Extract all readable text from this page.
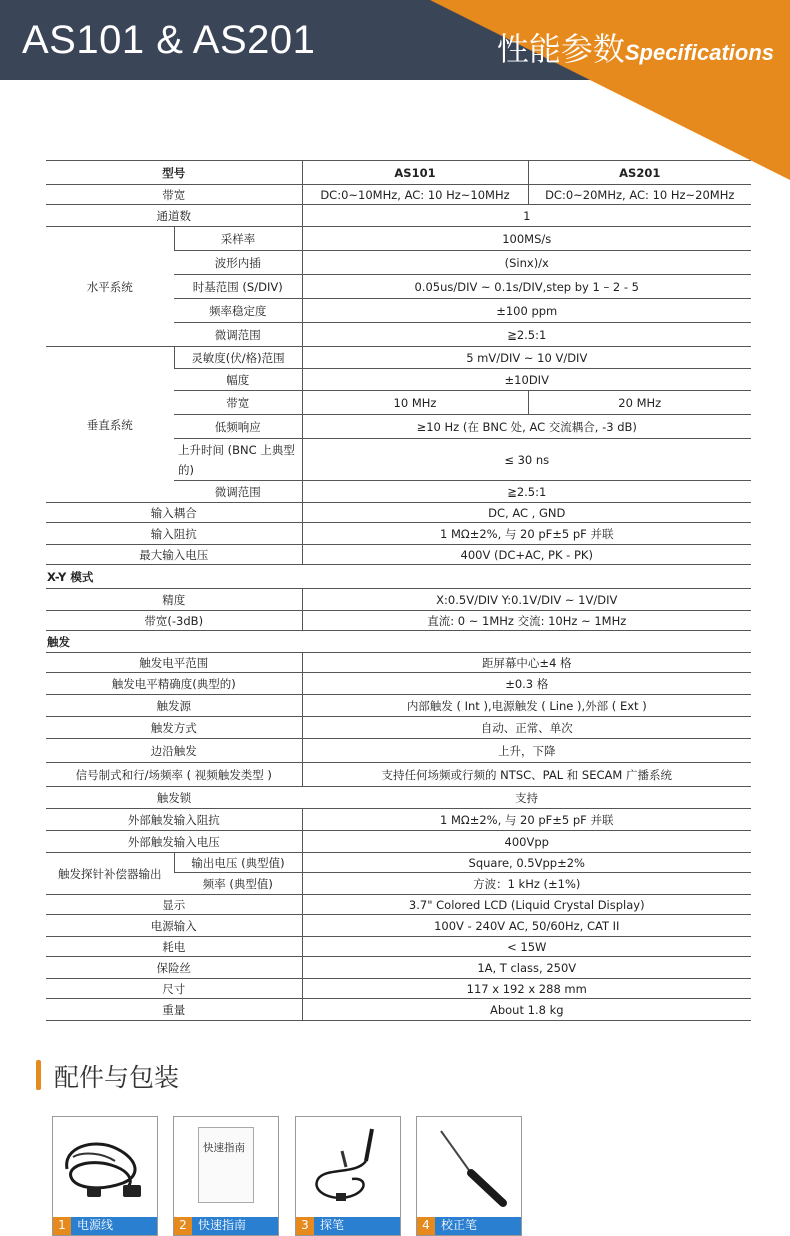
AS101 & AS201	性能参数Specifications
型号		AS101	AS201
带宽		DC:0~10MHz, AC: 10 Hz~10MHz	DC:0~20MHz, AC: 10 Hz~20MHz
通道数		1	
水平系统	采样率	100MS/s	
	波形内插	(Sinx)/x	
	时基范围 (S/DIV)	0.05us/DIV ~ 0.1s/DIV,step by 1 – 2 - 5	
	频率稳定度	±100 ppm	
	微调范围	≧2.5:1	
垂直系统	灵敏度(伏/格)范围	5 mV/DIV ~ 10 V/DIV	
	幅度	±10DIV	
	带宽	10 MHz	20 MHz
	低频响应	≥10 Hz (在 BNC 处, AC 交流耦合, -3 dB)	
	上升时间 (BNC 上典型的)	≤ 30 ns	
	微调范围	≧2.5:1	
输入耦合		DC, AC , GND	
输入阻抗		1 MΩ±2%, 与 20 pF±5 pF 并联	
最大输入电压		400V (DC+AC, PK - PK)	
X-Y 模式			
精度		X:0.5V/DIV Y:0.1V/DIV ~ 1V/DIV	
带宽(-3dB)		直流: 0 ~ 1MHz 交流: 10Hz ~ 1MHz	
触发			
触发电平范围		距屏幕中心±4 格	
触发电平精确度(典型的)		±0.3 格	
触发源		内部触发 ( Int ),电源触发 ( Line ),外部 ( Ext )	
触发方式		自动、正常、单次	
边沿触发		上升，下降	
信号制式和行/场频率 ( 视频触发类型 )		支持任何场频或行频的 NTSC、PAL 和 SECAM 广播系统	
触发锁		支持	
外部触发输入阻抗		1 MΩ±2%, 与 20 pF±5 pF 并联	
外部触发输入电压		400Vpp	
触发探针补偿器输出	输出电压 (典型值)	Square, 0.5Vpp±2%	
	频率 (典型值)	方波：1 kHz (±1%)	
显示		3.7" Colored LCD (Liquid Crystal Display)	
电源输入		100V - 240V AC, 50/60Hz, CAT II	
耗电		< 15W	
保险丝		1A, T class, 250V	
尺寸		117 x 192 x 288 mm	
重量		About 1.8 kg	
配件与包装
1 电源线
快速指南
2 快速指南	3 探笔	4 校正笔
